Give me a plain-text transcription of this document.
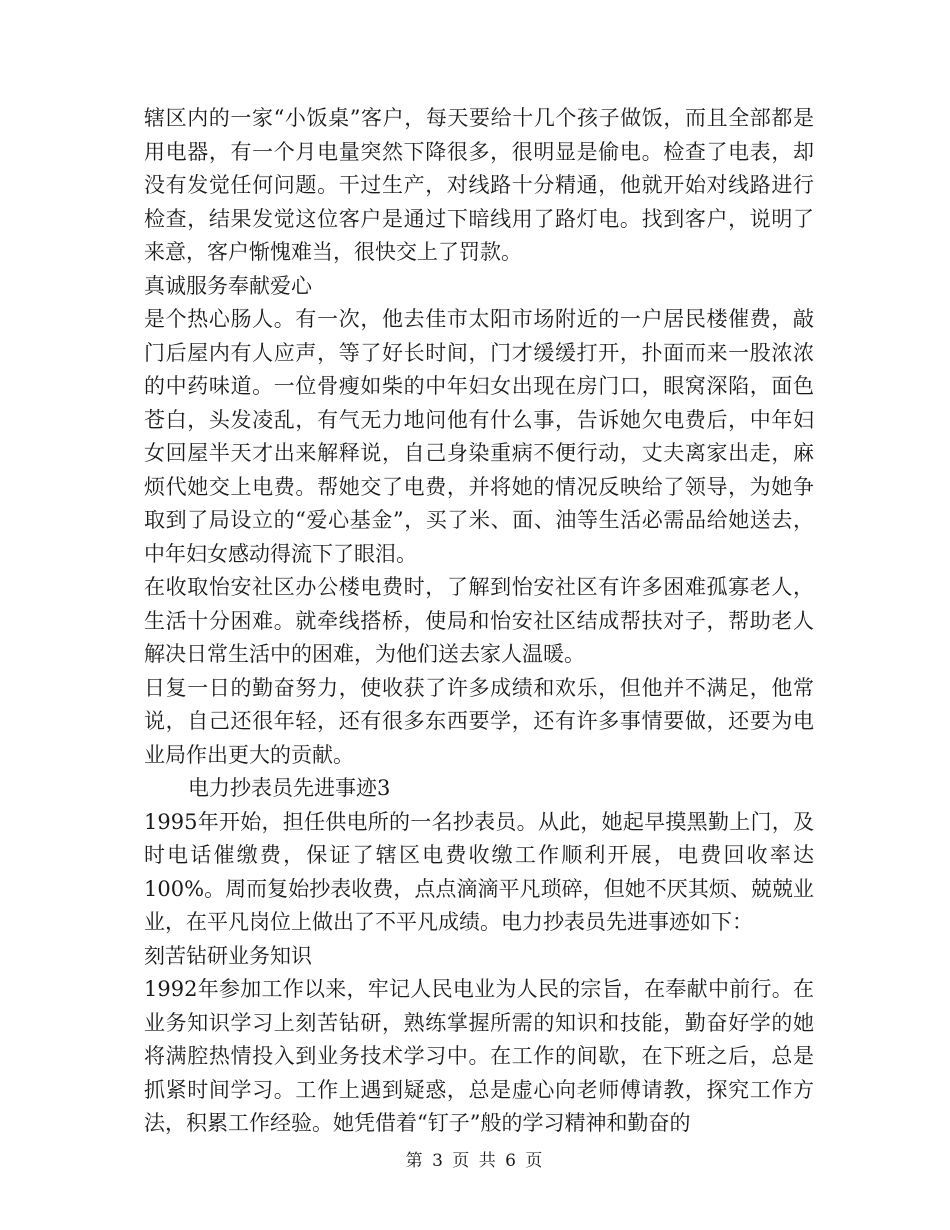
辖区内的一家“小饭桌”客户，每天要给十几个孩子做饭，而且全部都是用电器，有一个月电量突然下降很多，很明显是偷电。检查了电表，却没有发觉任何问题。干过生产，对线路十分精通，他就开始对线路进行检查，结果发觉这位客户是通过下暗线用了路灯电。找到客户，说明了来意，客户惭愧难当，很快交上了罚款。

真诚服务奉献爱心

是个热心肠人。有一次，他去佳市太阳市场附近的一户居民楼催费，敲门后屋内有人应声，等了好长时间，门才缓缓打开，扑面而来一股浓浓的中药味道。一位骨瘦如柴的中年妇女出现在房门口，眼窝深陷，面色苍白，头发凌乱，有气无力地问他有什么事，告诉她欠电费后，中年妇女回屋半天才出来解释说，自己身染重病不便行动，丈夫离家出走，麻烦代她交上电费。帮她交了电费，并将她的情况反映给了领导，为她争取到了局设立的“爱心基金”，买了米、面、油等生活必需品给她送去，中年妇女感动得流下了眼泪。

在收取怡安社区办公楼电费时，了解到怡安社区有许多困难孤寡老人，生活十分困难。就牵线搭桥，使局和怡安社区结成帮扶对子，帮助老人解决日常生活中的困难，为他们送去家人温暖。

日复一日的勤奋努力，使收获了许多成绩和欢乐，但他并不满足，他常说，自己还很年轻，还有很多东西要学，还有许多事情要做，还要为电业局作出更大的贡献。

电力抄表员先进事迹3

1995年开始，担任供电所的一名抄表员。从此，她起早摸黑勤上门，及时电话催缴费，保证了辖区电费收缴工作顺利开展，电费回收率达100%。周而复始抄表收费，点点滴滴平凡琐碎，但她不厌其烦、兢兢业业，在平凡岗位上做出了不平凡成绩。电力抄表员先进事迹如下：

刻苦钻研业务知识

1992年参加工作以来，牢记人民电业为人民的宗旨，在奉献中前行。在业务知识学习上刻苦钻研，熟练掌握所需的知识和技能，勤奋好学的她将满腔热情投入到业务技术学习中。在工作的间歇，在下班之后，总是抓紧时间学习。工作上遇到疑惑，总是虚心向老师傅请教，探究工作方法，积累工作经验。她凭借着“钉子”般的学习精神和勤奋的

第 3 页 共 6 页
